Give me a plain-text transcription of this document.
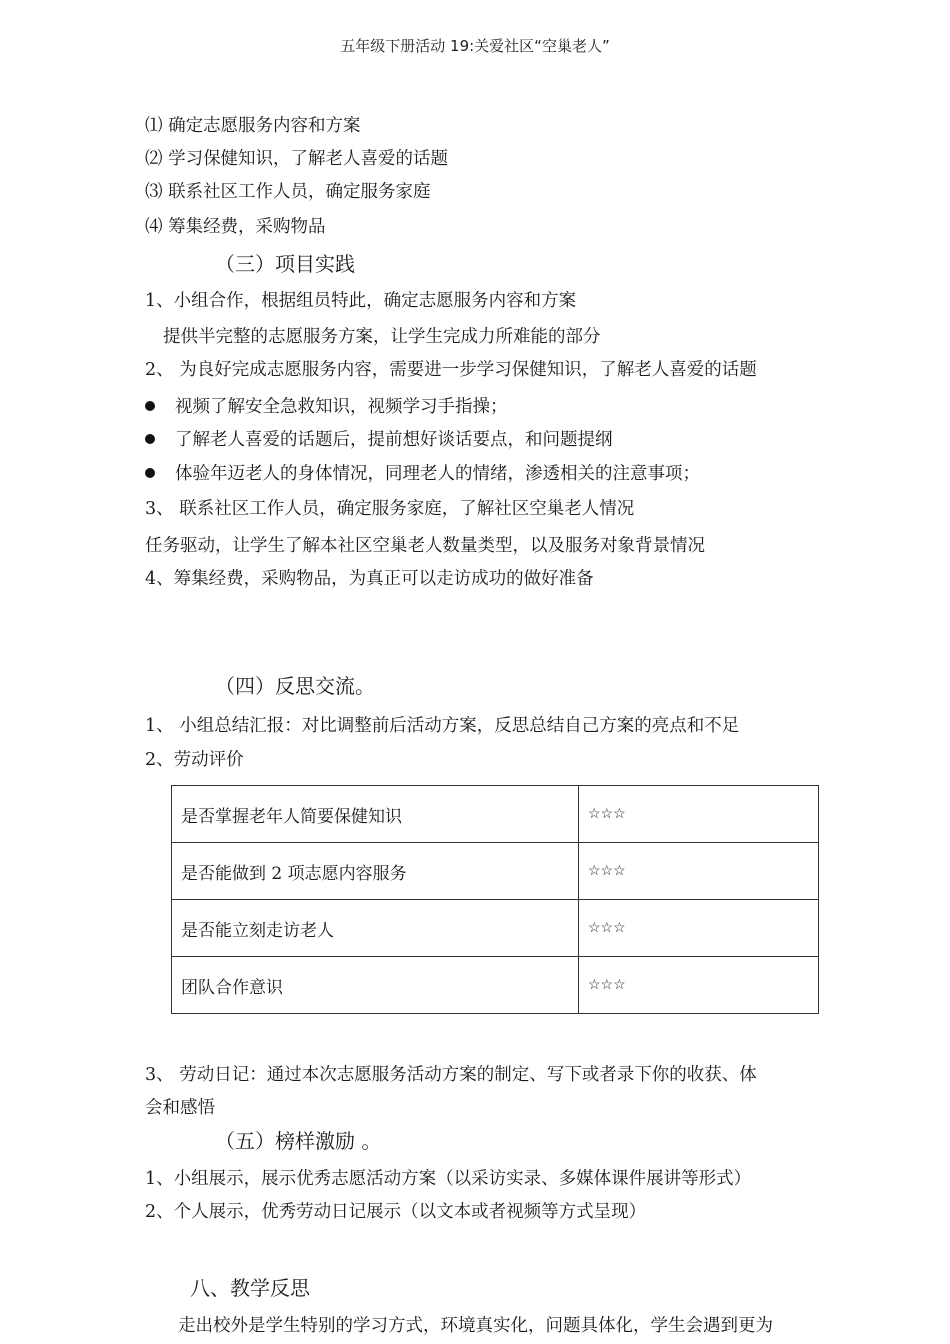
五年级下册活动 19:关爱社区“空巢老人”
⑴ 确定志愿服务内容和方案
⑵ 学习保健知识，了解老人喜爱的话题
⑶ 联系社区工作人员，确定服务家庭
⑷ 筹集经费，采购物品
（三）项目实践
1、小组合作，根据组员特此，确定志愿服务内容和方案
提供半完整的志愿服务方案，让学生完成力所难能的部分
2、 为良好完成志愿服务内容，需要进一步学习保健知识，了解老人喜爱的话题
视频了解安全急救知识，视频学习手指操；
了解老人喜爱的话题后，提前想好谈话要点，和问题提纲
体验年迈老人的身体情况，同理老人的情绪，渗透相关的注意事项；
3、 联系社区工作人员，确定服务家庭，了解社区空巢老人情况
任务驱动，让学生了解本社区空巢老人数量类型，以及服务对象背景情况
4、筹集经费，采购物品，为真正可以走访成功的做好准备
（四）反思交流。
1、 小组总结汇报：对比调整前后活动方案，反思总结自己方案的亮点和不足
2、劳动评价
是否掌握老年人简要保健知识	☆☆☆
是否能做到 2 项志愿内容服务	☆☆☆
是否能立刻走访老人	☆☆☆
团队合作意识	☆☆☆
3、 劳动日记：通过本次志愿服务活动方案的制定、写下或者录下你的收获、体
会和感悟
（五）榜样激励 。
1、小组展示，展示优秀志愿活动方案（以采访实录、多媒体课件展讲等形式）
2、个人展示，优秀劳动日记展示（以文本或者视频等方式呈现）
八、教学反思
走出校外是学生特别的学习方式，环境真实化，问题具体化，学生会遇到更为
